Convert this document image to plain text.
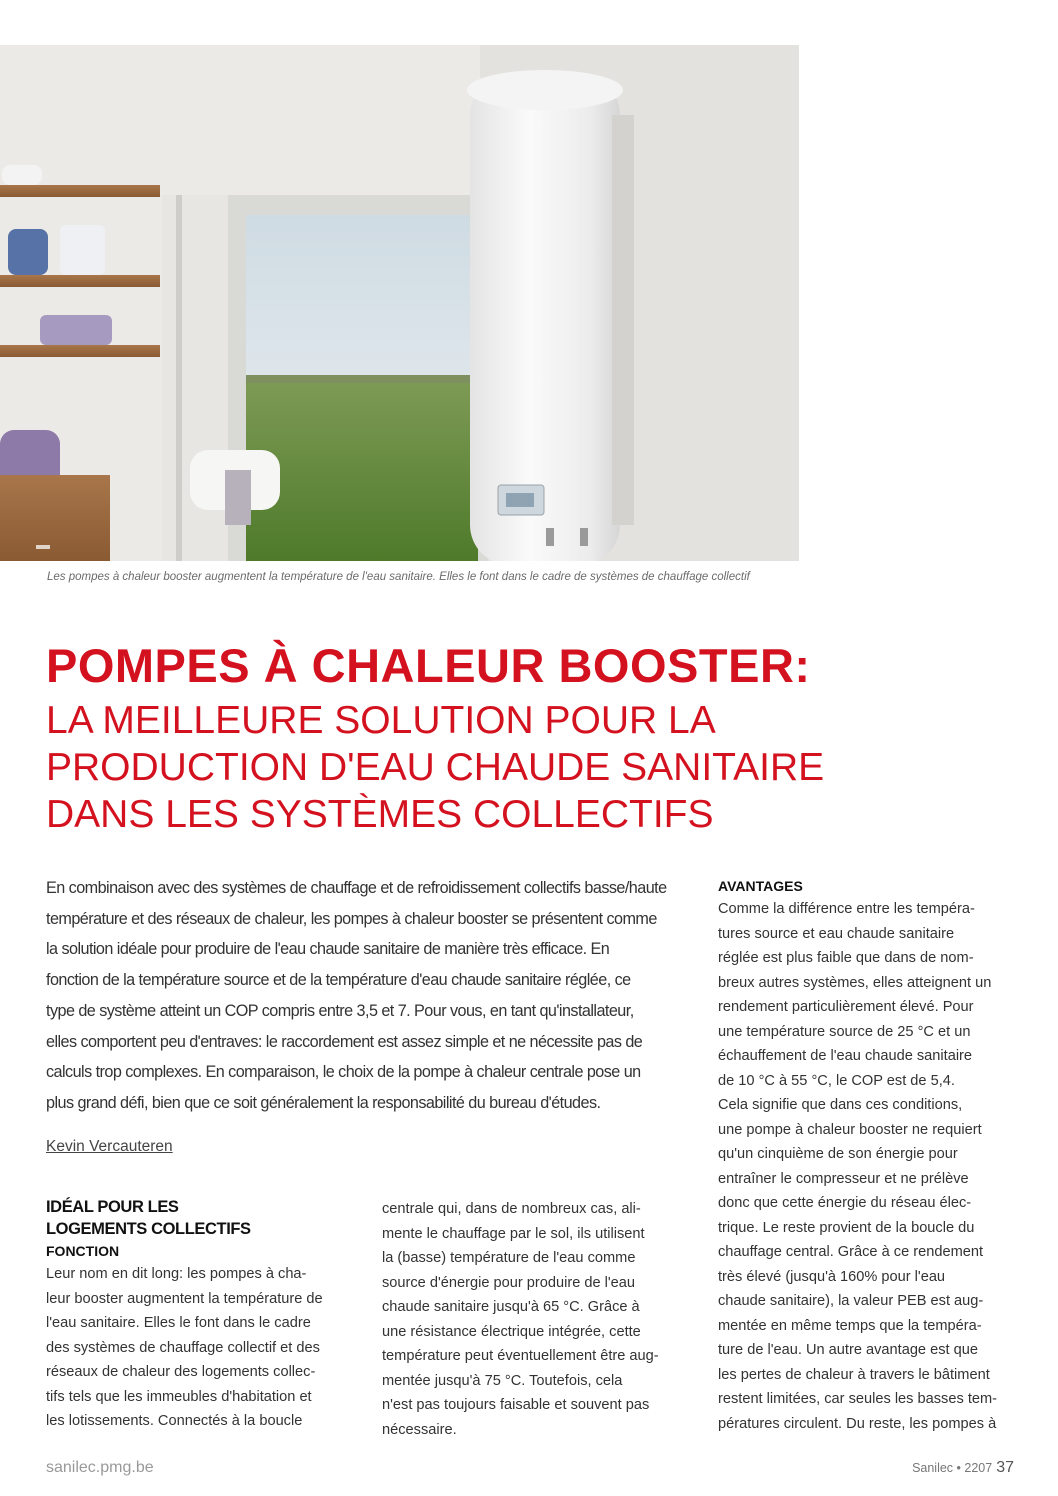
Les pompes à chaleur booster augmentent la température de l'eau sanitaire. Elles le font dans le cadre de systèmes de chauffage collectif
POMPES À CHALEUR BOOSTER:
LA MEILLEURE SOLUTION POUR LA
PRODUCTION D'EAU CHAUDE SANITAIRE
DANS LES SYSTÈMES COLLECTIFS
En combinaison avec des systèmes de chauffage et de refroidissement collectifs basse/haute
température et des réseaux de chaleur, les pompes à chaleur booster se présentent comme
la solution idéale pour produire de l'eau chaude sanitaire de manière très efficace. En
fonction de la température source et de la température d'eau chaude sanitaire réglée, ce
type de système atteint un COP compris entre 3,5 et 7. Pour vous, en tant qu'installateur,
elles comportent peu d'entraves: le raccordement est assez simple et ne nécessite pas de
calculs trop complexes. En comparaison, le choix de la pompe à chaleur centrale pose un
plus grand défi, bien que ce soit généralement la responsabilité du bureau d'études.
Kevin Vercauteren
IDÉAL POUR LES
LOGEMENTS COLLECTIFS
FONCTION
Leur nom en dit long: les pompes à cha-
leur booster augmentent la température de
l'eau sanitaire. Elles le font dans le cadre
des systèmes de chauffage collectif et des
réseaux de chaleur des logements collec-
tifs tels que les immeubles d'habitation et
les lotissements. Connectés à la boucle
centrale qui, dans de nombreux cas, ali-
mente le chauffage par le sol, ils utilisent
la (basse) température de l'eau comme
source d'énergie pour produire de l'eau
chaude sanitaire jusqu'à 65 °C. Grâce à
une résistance électrique intégrée, cette
température peut éventuellement être aug-
mentée jusqu'à 75 °C. Toutefois, cela
n'est pas toujours faisable et souvent pas
nécessaire.
AVANTAGES
Comme la différence entre les tempéra-
tures source et eau chaude sanitaire
réglée est plus faible que dans de nom-
breux autres systèmes, elles atteignent un
rendement particulièrement élevé. Pour
une température source de 25 °C et un
échauffement de l'eau chaude sanitaire
de 10 °C à 55 °C, le COP est de 5,4.
Cela signifie que dans ces conditions,
une pompe à chaleur booster ne requiert
qu'un cinquième de son énergie pour
entraîner le compresseur et ne prélève
donc que cette énergie du réseau élec-
trique. Le reste provient de la boucle du
chauffage central. Grâce à ce rendement
très élevé (jusqu'à 160% pour l'eau
chaude sanitaire), la valeur PEB est aug-
mentée en même temps que la tempéra-
ture de l'eau. Un autre avantage est que
les pertes de chaleur à travers le bâtiment
restent limitées, car seules les basses tem-
pératures circulent. Du reste, les pompes à
sanilec.pmg.be	Sanilec • 2207 37
